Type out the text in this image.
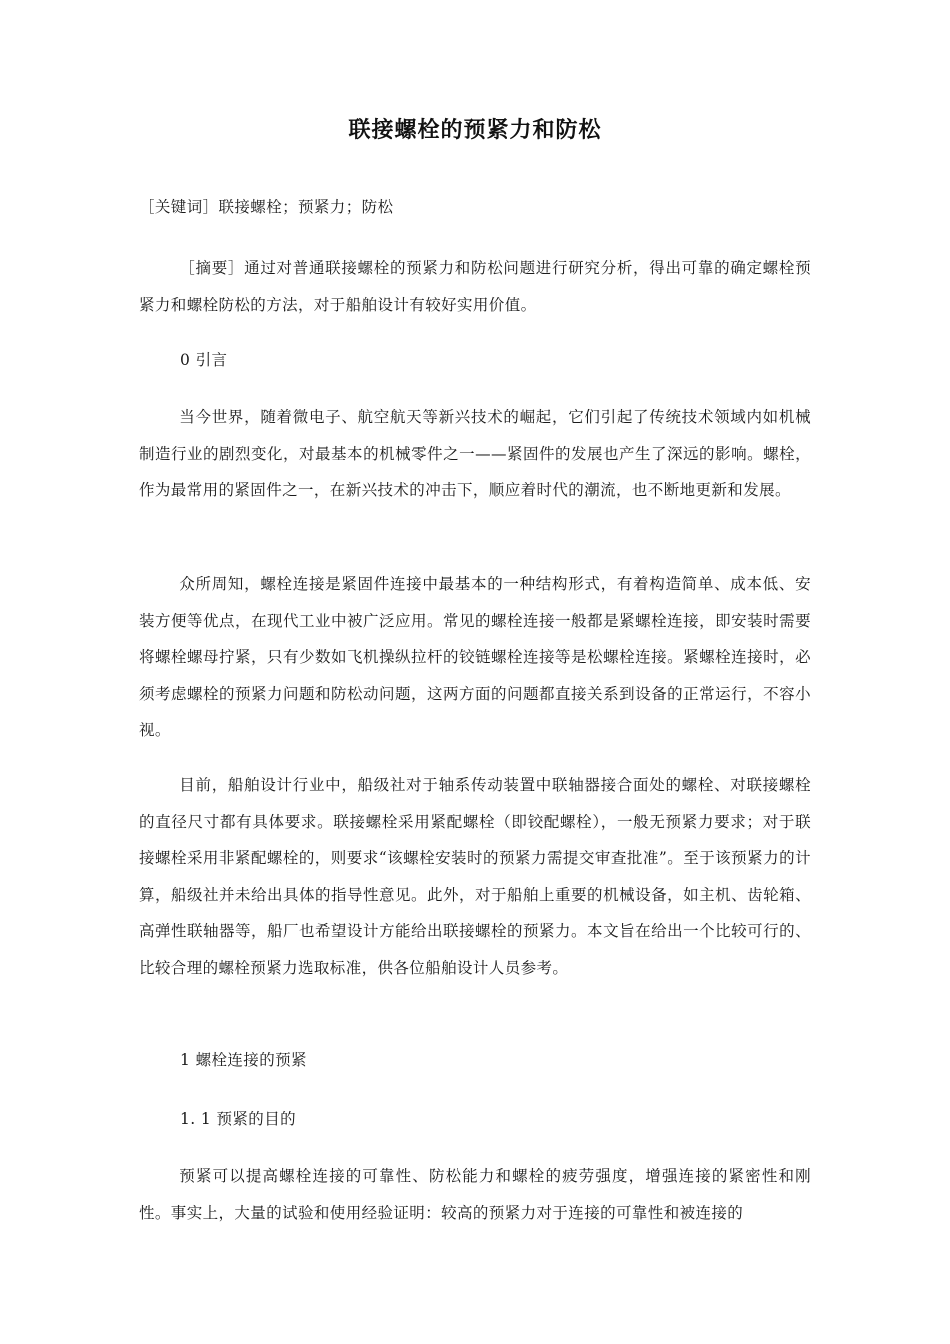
联接螺栓的预紧力和防松
［关键词］联接螺栓；预紧力；防松
［摘要］通过对普通联接螺栓的预紧力和防松问题进行研究分析，得出可靠的确定螺栓预紧力和螺栓防松的方法，对于船舶设计有较好实用价值。
0 引言
当今世界，随着微电子、航空航天等新兴技术的崛起，它们引起了传统技术领域内如机械制造行业的剧烈变化，对最基本的机械零件之一——紧固件的发展也产生了深远的影响。螺栓，作为最常用的紧固件之一，在新兴技术的冲击下，顺应着时代的潮流，也不断地更新和发展。
众所周知，螺栓连接是紧固件连接中最基本的一种结构形式，有着构造简单、成本低、安装方便等优点，在现代工业中被广泛应用。常见的螺栓连接一般都是紧螺栓连接，即安装时需要将螺栓螺母拧紧，只有少数如飞机操纵拉杆的铰链螺栓连接等是松螺栓连接。紧螺栓连接时，必须考虑螺栓的预紧力问题和防松动问题，这两方面的问题都直接关系到设备的正常运行，不容小视。
目前，船舶设计行业中，船级社对于轴系传动装置中联轴器接合面处的螺栓、对联接螺栓的直径尺寸都有具体要求。联接螺栓采用紧配螺栓（即铰配螺栓），一般无预紧力要求；对于联接螺栓采用非紧配螺栓的，则要求“该螺栓安装时的预紧力需提交审查批准”。至于该预紧力的计算，船级社并未给出具体的指导性意见。此外，对于船舶上重要的机械设备，如主机、齿轮箱、高弹性联轴器等，船厂也希望设计方能给出联接螺栓的预紧力。本文旨在给出一个比较可行的、比较合理的螺栓预紧力选取标准，供各位船舶设计人员参考。
1 螺栓连接的预紧
1. 1 预紧的目的
预紧可以提高螺栓连接的可靠性、防松能力和螺栓的疲劳强度，增强连接的紧密性和刚性。事实上，大量的试验和使用经验证明：较高的预紧力对于连接的可靠性和被连接的
